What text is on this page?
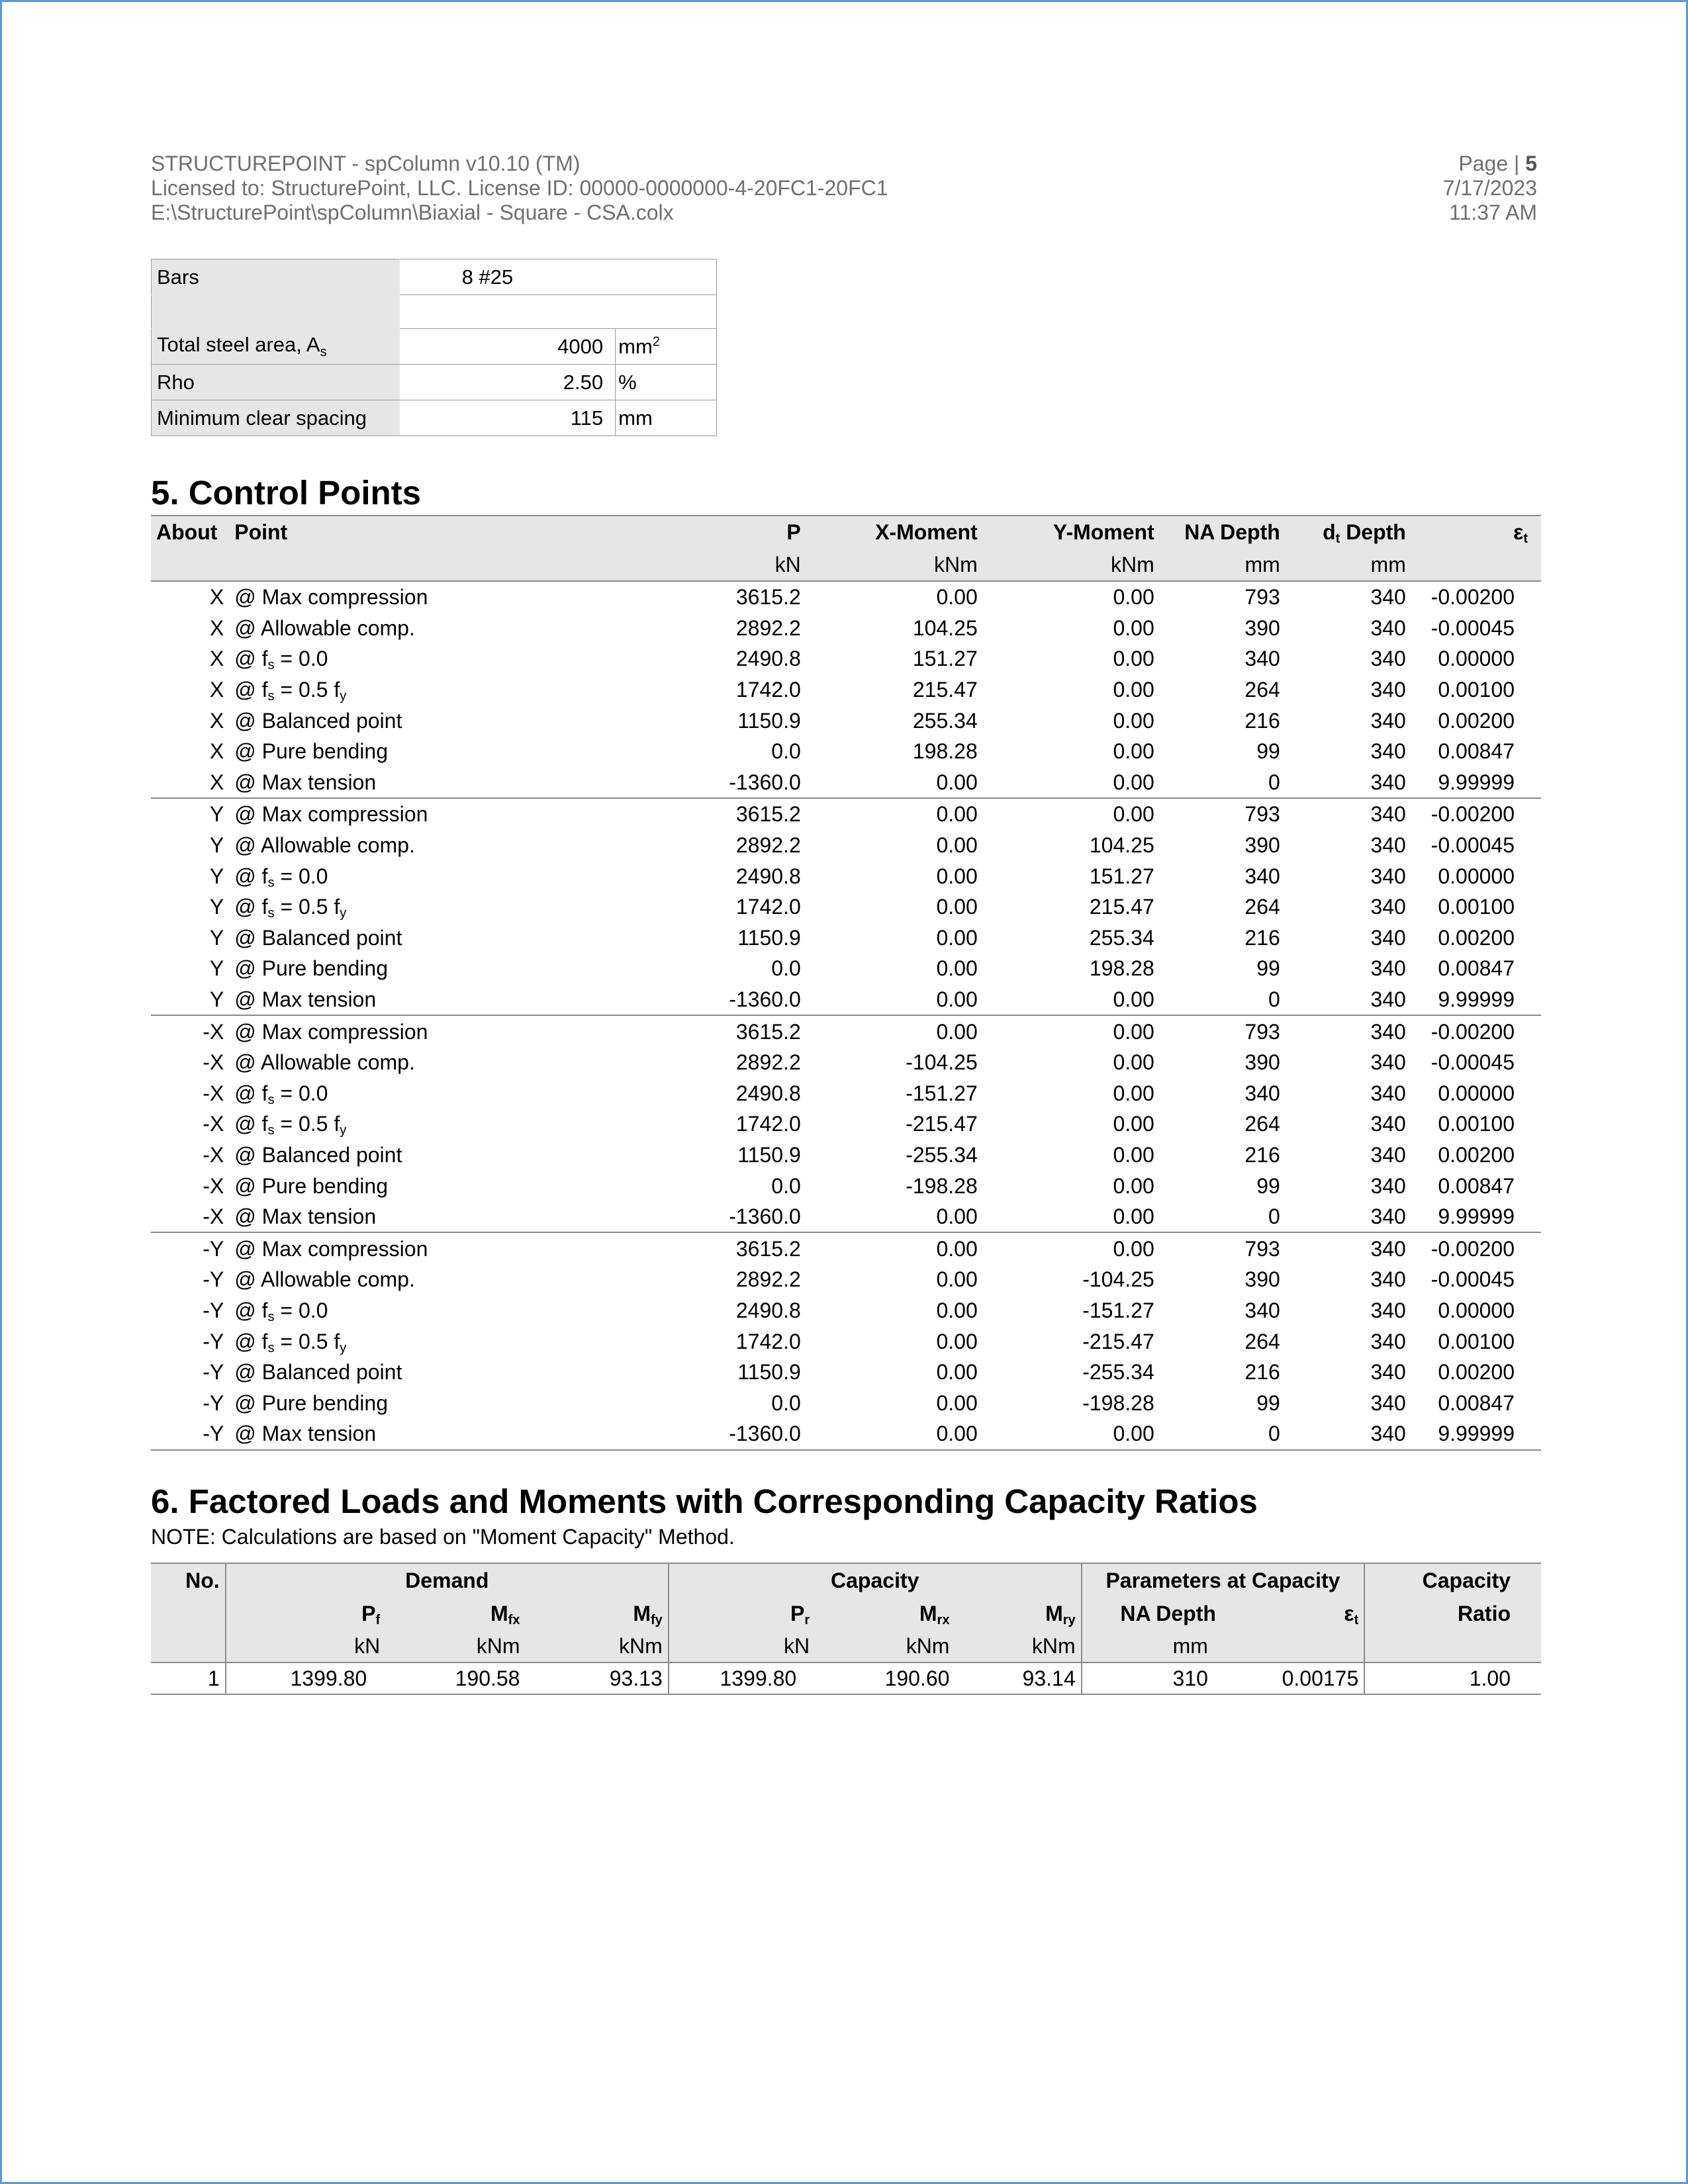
STRUCTUREPOINT - spColumn v10.10 (TM)
Licensed to: StructurePoint, LLC. License ID: 00000-0000000-4-20FC1-20FC1
E:\StructurePoint\spColumn\Biaxial - Square - CSA.colx
Page | 5
7/17/2023
11:37 AM
Bars	8 #25	

Total steel area, $A_s$	4000	$mm^2$
Rho	2.50	%
Minimum clear spacing	115	mm
5. Control Points
About	Point	P	X-Moment	Y-Moment	NA Depth	$d_t$ Depth	$\varepsilon_t$
		kN	kNm	kNm	mm	mm	
X	@ Max compression	3615.2	0.00	0.00	793	340	-0.00200
X	@ Allowable comp.	2892.2	104.25	0.00	390	340	-0.00045
X	@ $f_s = 0.0$	2490.8	151.27	0.00	340	340	0.00000
X	@ $f_s = 0.5$ $f_y$	1742.0	215.47	0.00	264	340	0.00100
X	@ Balanced point	1150.9	255.34	0.00	216	340	0.00200
X	@ Pure bending	0.0	198.28	0.00	99	340	0.00847
X	@ Max tension	-1360.0	0.00	0.00	0	340	9.99999
Y	@ Max compression	3615.2	0.00	0.00	793	340	-0.00200
Y	@ Allowable comp.	2892.2	0.00	104.25	390	340	-0.00045
Y	@ $f_s = 0.0$	2490.8	0.00	151.27	340	340	0.00000
Y	@ $f_s = 0.5$ $f_y$	1742.0	0.00	215.47	264	340	0.00100
Y	@ Balanced point	1150.9	0.00	255.34	216	340	0.00200
Y	@ Pure bending	0.0	0.00	198.28	99	340	0.00847
Y	@ Max tension	-1360.0	0.00	0.00	0	340	9.99999
-X	@ Max compression	3615.2	0.00	0.00	793	340	-0.00200
-X	@ Allowable comp.	2892.2	-104.25	0.00	390	340	-0.00045
-X	@ $f_s = 0.0$	2490.8	-151.27	0.00	340	340	0.00000
-X	@ $f_s = 0.5$ $f_y$	1742.0	-215.47	0.00	264	340	0.00100
-X	@ Balanced point	1150.9	-255.34	0.00	216	340	0.00200
-X	@ Pure bending	0.0	-198.28	0.00	99	340	0.00847
-X	@ Max tension	-1360.0	0.00	0.00	0	340	9.99999
-Y	@ Max compression	3615.2	0.00	0.00	793	340	-0.00200
-Y	@ Allowable comp.	2892.2	0.00	-104.25	390	340	-0.00045
-Y	@ $f_s = 0.0$	2490.8	0.00	-151.27	340	340	0.00000
-Y	@ $f_s = 0.5$ $f_y$	1742.0	0.00	-215.47	264	340	0.00100
-Y	@ Balanced point	1150.9	0.00	-255.34	216	340	0.00200
-Y	@ Pure bending	0.0	0.00	-198.28	99	340	0.00847
-Y	@ Max tension	-1360.0	0.00	0.00	0	340	9.99999
6. Factored Loads and Moments with Corresponding Capacity Ratios
NOTE: Calculations are based on "Moment Capacity" Method.
No.	Demand			Capacity			Parameters at Capacity		Capacity
	$P_f$	$M_{fx}$	$M_{fy}$	$P_r$	$M_{rx}$	$M_{ry}$	NA Depth	$\varepsilon_t$	Ratio
	kN	kNm	kNm	kN	kNm	kNm	mm		
1	1399.80	190.58	93.13	1399.80	190.60	93.14	310	0.00175	1.00
